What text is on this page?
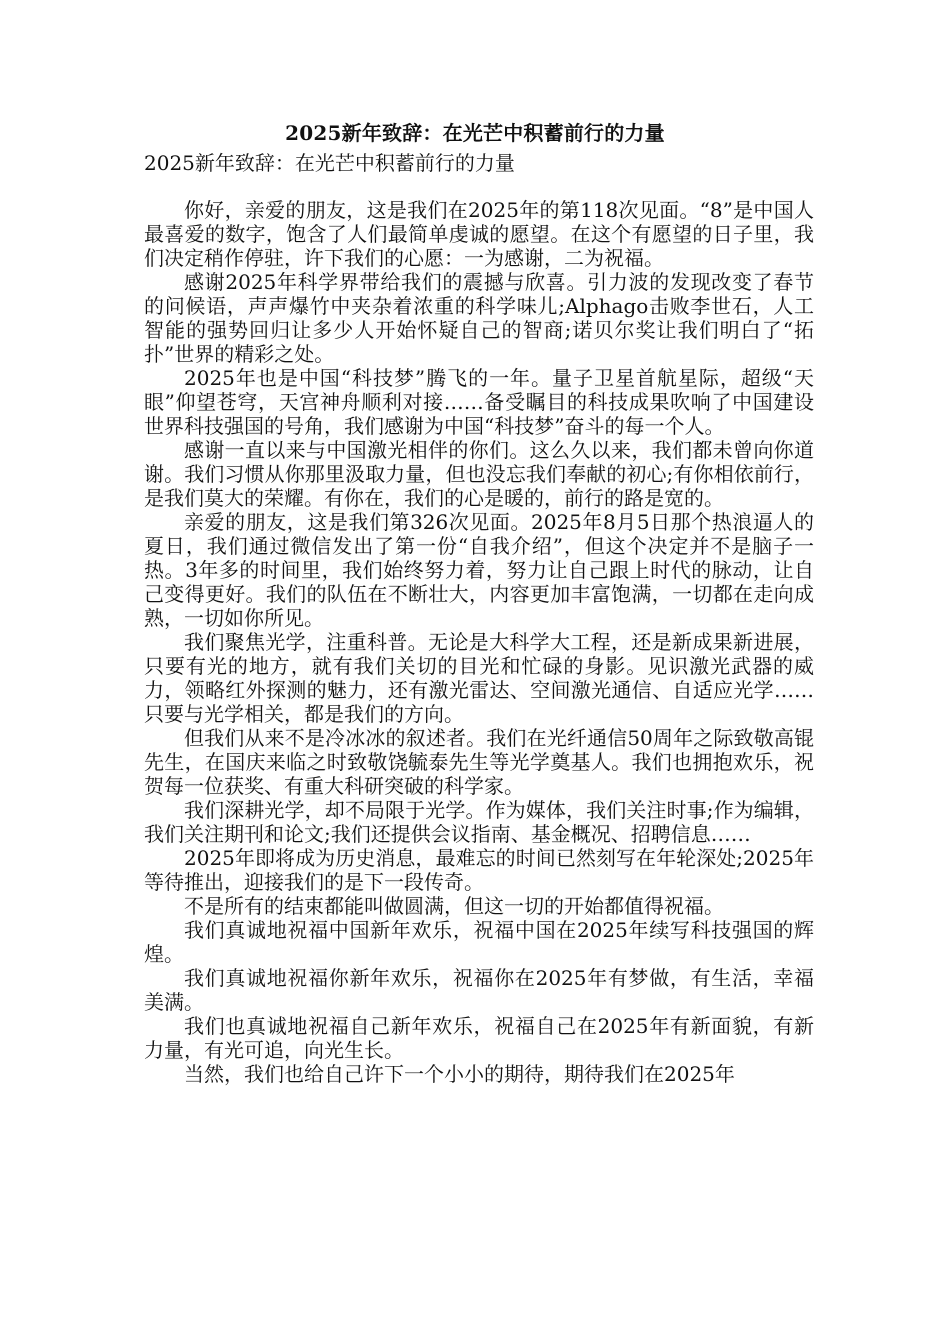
2025新年致辞：在光芒中积蓄前行的力量
2025新年致辞：在光芒中积蓄前行的力量

你好，亲爱的朋友，这是我们在2025年的第118次见面。“8”是中国人最喜爱的数字，饱含了人们最简单虔诚的愿望。在这个有愿望的日子里，我们决定稍作停驻，许下我们的心愿：一为感谢，二为祝福。

感谢2025年科学界带给我们的震撼与欣喜。引力波的发现改变了春节的问候语，声声爆竹中夹杂着浓重的科学味儿;Alphago击败李世石，人工智能的强势回归让多少人开始怀疑自己的智商;诺贝尔奖让我们明白了“拓扑”世界的精彩之处。

2025年也是中国“科技梦”腾飞的一年。量子卫星首航星际，超级“天眼”仰望苍穹，天宫神舟顺利对接……备受瞩目的科技成果吹响了中国建设世界科技强国的号角，我们感谢为中国“科技梦”奋斗的每一个人。

感谢一直以来与中国激光相伴的你们。这么久以来，我们都未曾向你道谢。我们习惯从你那里汲取力量，但也没忘我们奉献的初心;有你相依前行，是我们莫大的荣耀。有你在，我们的心是暖的，前行的路是宽的。

亲爱的朋友，这是我们第326次见面。2025年8月5日那个热浪逼人的夏日，我们通过微信发出了第一份“自我介绍”，但这个决定并不是脑子一热。3年多的时间里，我们始终努力着，努力让自己跟上时代的脉动，让自己变得更好。我们的队伍在不断壮大，内容更加丰富饱满，一切都在走向成熟，一切如你所见。

我们聚焦光学，注重科普。无论是大科学大工程，还是新成果新进展，只要有光的地方，就有我们关切的目光和忙碌的身影。见识激光武器的威力，领略红外探测的魅力，还有激光雷达、空间激光通信、自适应光学……只要与光学相关，都是我们的方向。

但我们从来不是冷冰冰的叙述者。我们在光纤通信50周年之际致敬高锟先生，在国庆来临之时致敬饶毓泰先生等光学奠基人。我们也拥抱欢乐，祝贺每一位获奖、有重大科研突破的科学家。

我们深耕光学，却不局限于光学。作为媒体，我们关注时事;作为编辑，我们关注期刊和论文;我们还提供会议指南、基金概况、招聘信息……

2025年即将成为历史消息，最难忘的时间已然刻写在年轮深处;2025年等待推出，迎接我们的是下一段传奇。

不是所有的结束都能叫做圆满，但这一切的开始都值得祝福。

我们真诚地祝福中国新年欢乐，祝福中国在2025年续写科技强国的辉煌。

我们真诚地祝福你新年欢乐，祝福你在2025年有梦做，有生活，幸福美满。

我们也真诚地祝福自己新年欢乐，祝福自己在2025年有新面貌，有新力量，有光可追，向光生长。

当然，我们也给自己许下一个小小的期待，期待我们在2025年
